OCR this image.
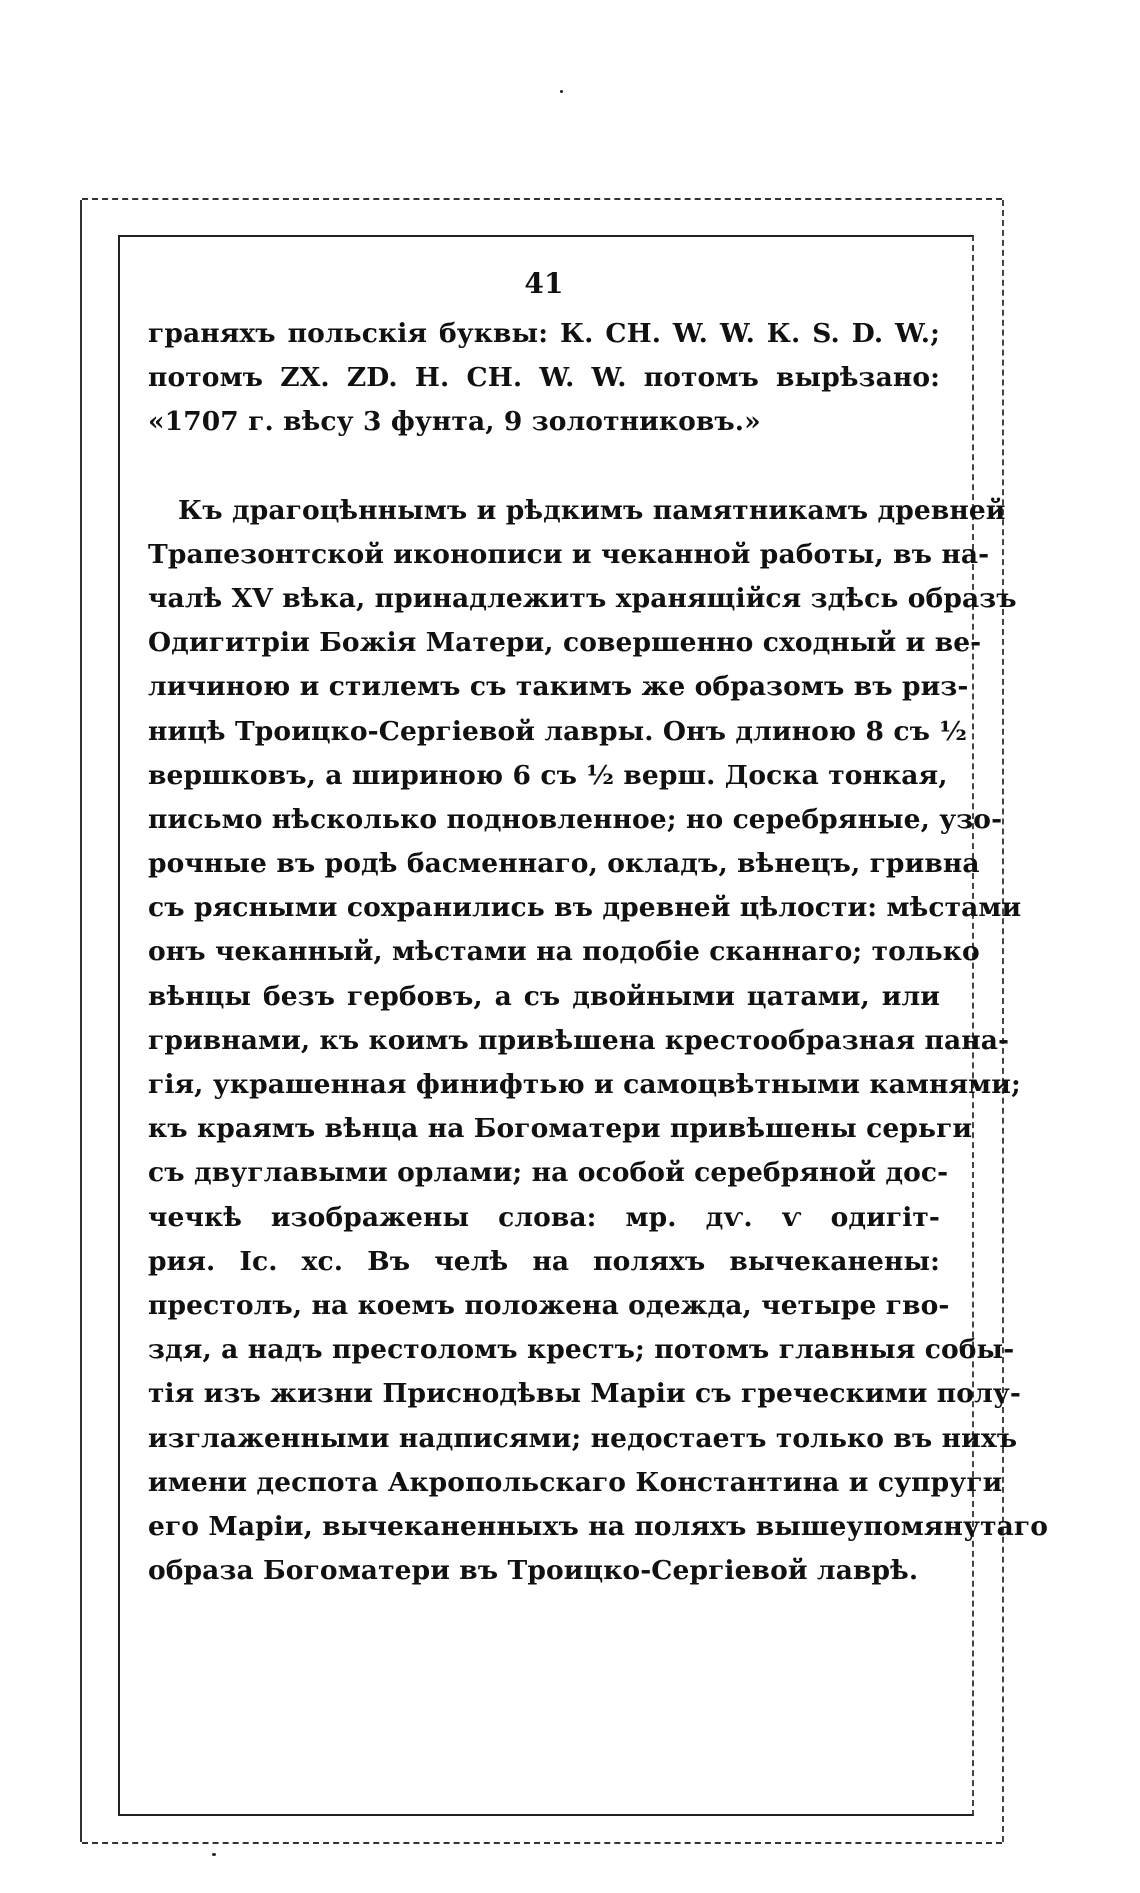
41
граняхъ польскія буквы: К. СН. W. W. К. S. D. W.;
потомъ ZX. ZD. H. CH. W. W. потомъ вырѣзано:
«1707 г. вѣсу 3 фунта, 9 золотниковъ.»
Къ драгоцѣннымъ и рѣдкимъ памятникамъ древней
Трапезонтской иконописи и чеканной работы, въ на-
чалѣ XV вѣка, принадлежитъ хранящійся здѣсь образъ
Одигитріи Божія Матери, совершенно сходный и ве-
личиною и стилемъ съ такимъ же образомъ въ риз-
ницѣ Троицко-Сергіевой лавры. Онъ длиною 8 съ ½
вершковъ, а шириною 6 съ ½ верш. Доска тонкая,
письмо нѣсколько подновленное; но серебряные, узо-
рочные въ родѣ басменнаго, окладъ, вѣнецъ, гривна
съ рясными сохранились въ древней цѣлости: мѣстами
онъ чеканный, мѣстами на подобіе сканнаго; только
вѣнцы безъ гербовъ, а съ двойными цатами, или
гривнами, къ коимъ привѣшена крестообразная пана-
гія, украшенная финифтью и самоцвѣтными камнями;
къ краямъ вѣнца на Богоматери привѣшены серьги
съ двуглавыми орлами; на особой серебряной дос-
чечкѣ изображены слова: мр. дѵ. ѵ одигіт-
рия. Іс. хс. Въ челѣ на поляхъ вычеканены:
престолъ, на коемъ положена одежда, четыре гво-
здя, а надъ престоломъ крестъ; потомъ главныя собы-
тія изъ жизни Приснодѣвы Маріи съ греческими полу-
изглаженными надписями; недостаетъ только въ нихъ
имени деспота Акропольскаго Константина и супруги
его Маріи, вычеканенныхъ на поляхъ вышеупомянутаго
образа Богоматери въ Троицко-Сергіевой лаврѣ.
